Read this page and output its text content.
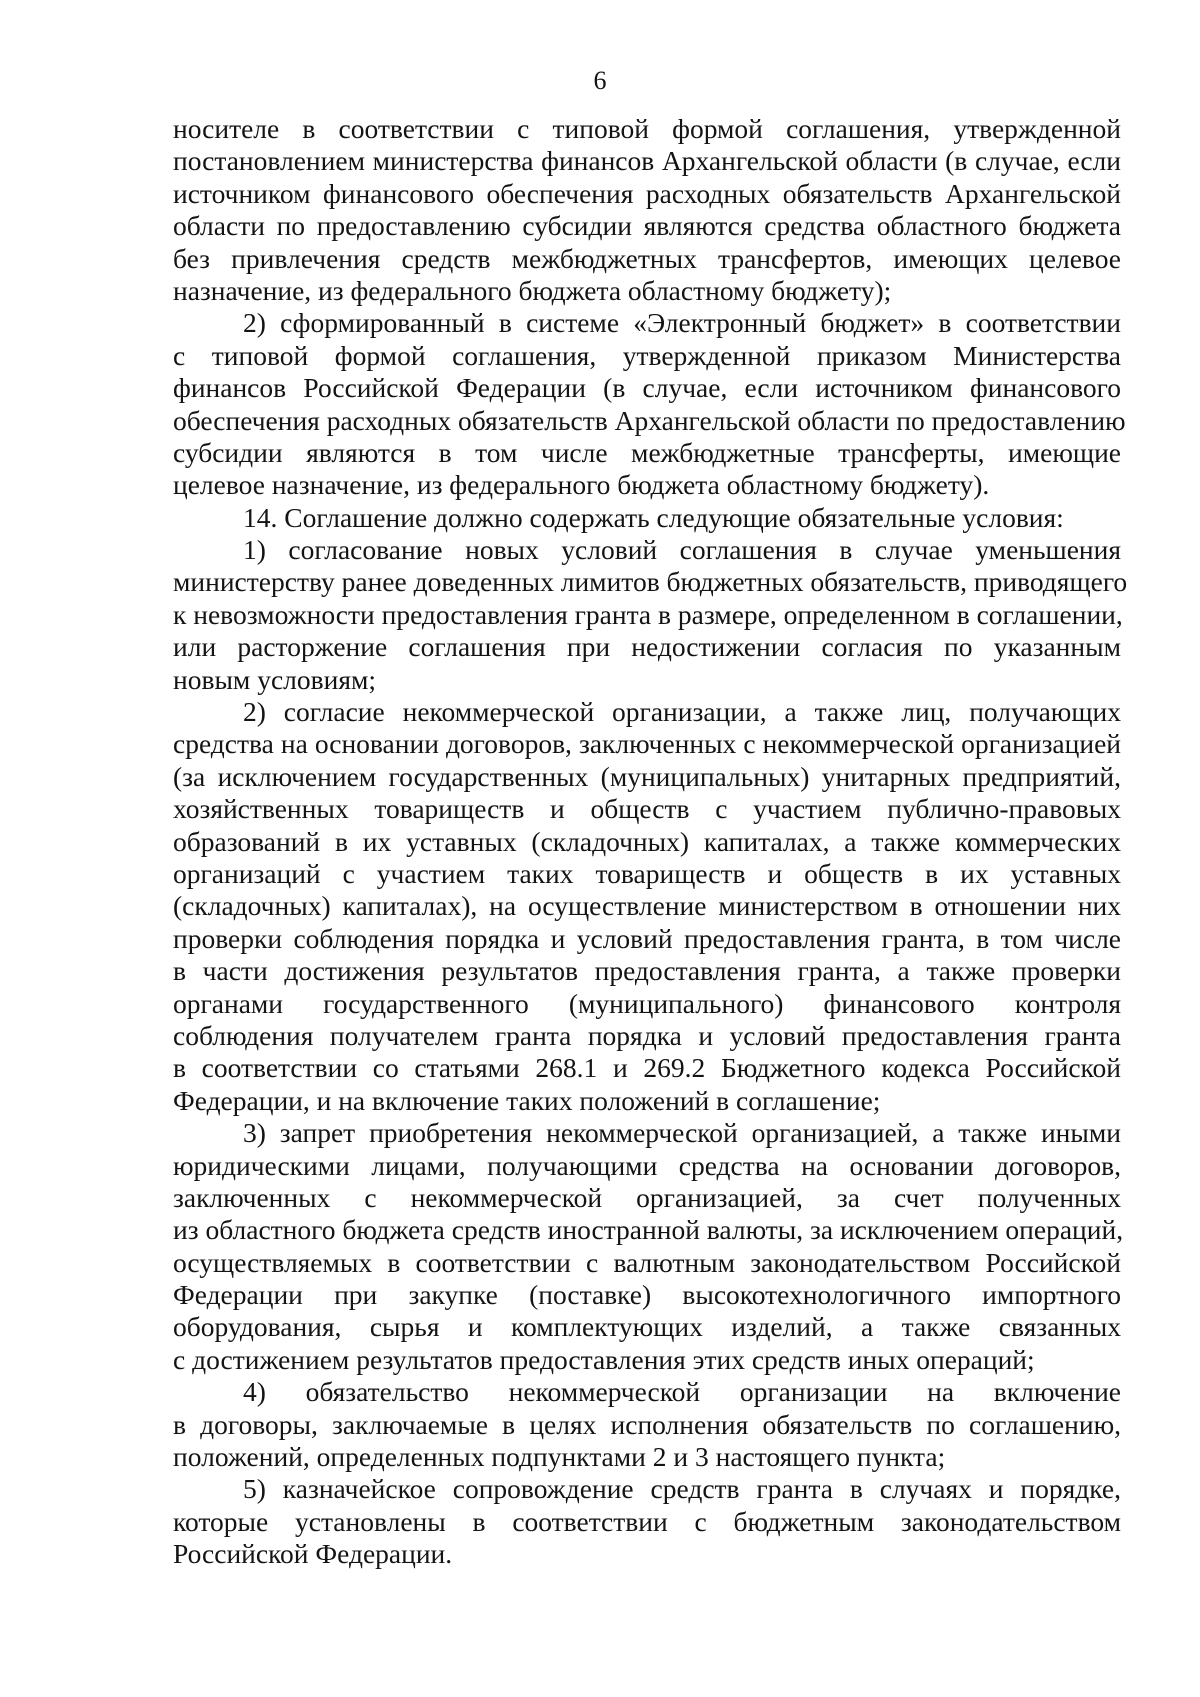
6
носителе в соответствии с типовой формой соглашения, утвержденной
постановлением министерства финансов Архангельской области (в случае, если
источником финансового обеспечения расходных обязательств Архангельской
области по предоставлению субсидии являются средства областного бюджета
без привлечения средств межбюджетных трансфертов, имеющих целевое
назначение, из федерального бюджета областному бюджету);
2) сформированный в системе «Электронный бюджет» в соответствии
с типовой формой соглашения, утвержденной приказом Министерства
финансов Российской Федерации (в случае, если источником финансового
обеспечения расходных обязательств Архангельской области по предоставлению
субсидии являются в том числе межбюджетные трансферты, имеющие
целевое назначение, из федерального бюджета областному бюджету).
14. Соглашение должно содержать следующие обязательные условия:
1) согласование новых условий соглашения в случае уменьшения
министерству ранее доведенных лимитов бюджетных обязательств, приводящего
к невозможности предоставления гранта в размере, определенном в соглашении,
или расторжение соглашения при недостижении согласия по указанным
новым условиям;
2) согласие некоммерческой организации, а также лиц, получающих
средства на основании договоров, заключенных с некоммерческой организацией
(за исключением государственных (муниципальных) унитарных предприятий,
хозяйственных товариществ и обществ с участием публично-правовых
образований в их уставных (складочных) капиталах, а также коммерческих
организаций с участием таких товариществ и обществ в их уставных
(складочных) капиталах), на осуществление министерством в отношении них
проверки соблюдения порядка и условий предоставления гранта, в том числе
в части достижения результатов предоставления гранта, а также проверки
органами государственного (муниципального) финансового контроля
соблюдения получателем гранта порядка и условий предоставления гранта
в соответствии со статьями 268.1 и 269.2 Бюджетного кодекса Российской
Федерации, и на включение таких положений в соглашение;
3) запрет приобретения некоммерческой организацией, а также иными
юридическими лицами, получающими средства на основании договоров,
заключенных с некоммерческой организацией, за счет полученных
из областного бюджета средств иностранной валюты, за исключением операций,
осуществляемых в соответствии с валютным законодательством Российской
Федерации при закупке (поставке) высокотехнологичного импортного
оборудования, сырья и комплектующих изделий, а также связанных
с достижением результатов предоставления этих средств иных операций;
4) обязательство некоммерческой организации на включение
в договоры, заключаемые в целях исполнения обязательств по соглашению,
положений, определенных подпунктами 2 и 3 настоящего пункта;
5) казначейское сопровождение средств гранта в случаях и порядке,
которые установлены в соответствии с бюджетным законодательством
Российской Федерации.
